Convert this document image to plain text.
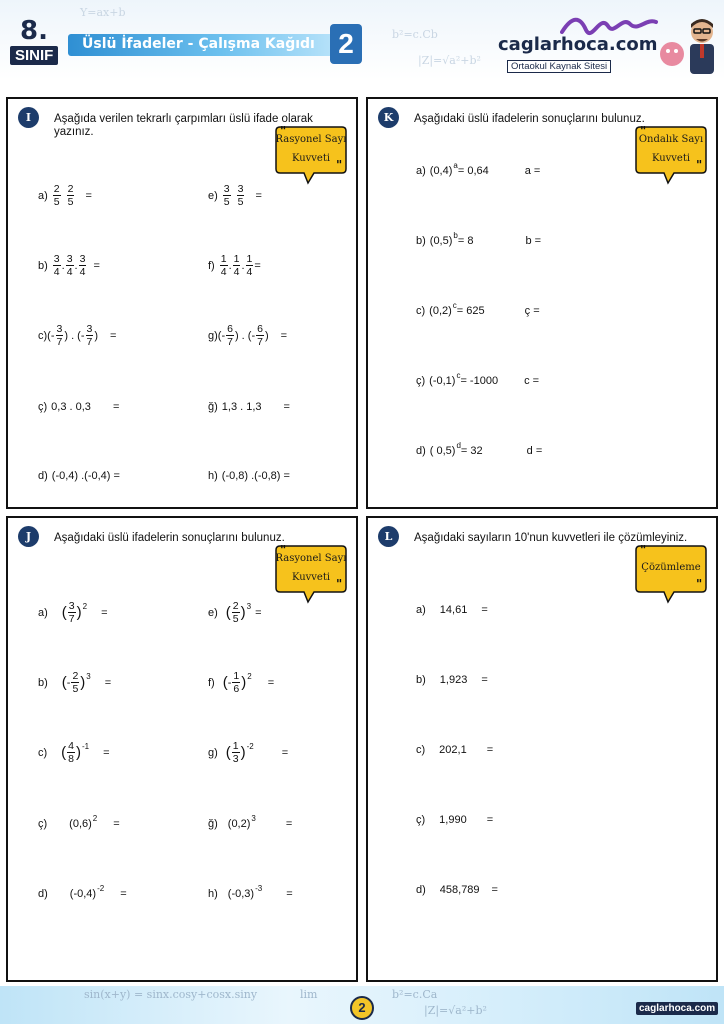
Y=ax+b
b²=c.Cb
|Z|=√a²+b²
8.
SINIF
Üslü İfadeler - Çalışma Kağıdı 2	caglarhoca.com
Ortaokul Kaynak Sitesi
I	Aşağıda verilen tekrarlı çarpımları üslü ifade olarak yazınız.	"
"
Rasyonel Sayı
Kuvveti
$a) \frac{2}{5} \frac{2}{5}$ =
$b) \frac{3}{4}$ . $\frac{3}{4}$ . $\frac{3}{4}$ =
c) (- $\frac{3}{7}$ ) . (- $\frac{3}{7}$ ) =
ç) 0,3 . 0,3 =
d) (-0,4) .(-0,4) =
$e) \frac{3}{5} \frac{3}{5}$ =
$f) \frac{1}{4}$ . $\frac{1}{4}$ . $\frac{1}{4}$ =
g) (- $\frac{6}{7}$ ) . (- $\frac{6}{7}$ ) =
ğ) 1,3 . 1,3 =
h) (-0,8) .(-0,8) =
K	Aşağıdaki üslü ifadelerin sonuçlarını bulunuz.
"
"
Ondalık Sayı
Kuvveti
a) (0,4) a = 0,64	a =
b) (0,5) b = 8	b =
c) (0,2) c = 625	ç =
ç) (-0,1) c = -1000 c =
d) ( 0,5) d = 32	d =
J	Aşağıdaki üslü ifadelerin sonuçlarını bulunuz.
"
"
Rasyonel Sayı
Kuvveti
a) ( $\frac{3}{7}$ ) 2 =
b) ( - $\frac{2}{5}$ ) 3 =
c) ( $\frac{4}{8}$ ) -1 =
ç) (0,6) 2 =
d) (-0,4) -2 =
e) ( $\frac{2}{5}$ ) 3 =
f) ( - $\frac{1}{6}$ ) 2 =
g) ( $\frac{1}{3}$ ) -2	=
ğ) (0,2) 3	=
h) (-0,3) -3 =
L	Aşağıdaki sayıların 10'nun kuvvetleri ile çözümleyiniz.
"
"
Çözümleme
a) 14,61 =
b) 1,923 =
c) 202,1 =
ç) 1,990 =
d) 458,789 =
sin(x+y) = sinx.cosy+cosx.siny	lim	b²=c.Ca
|Z|=√a²+b²
2	caglarhoca.com
